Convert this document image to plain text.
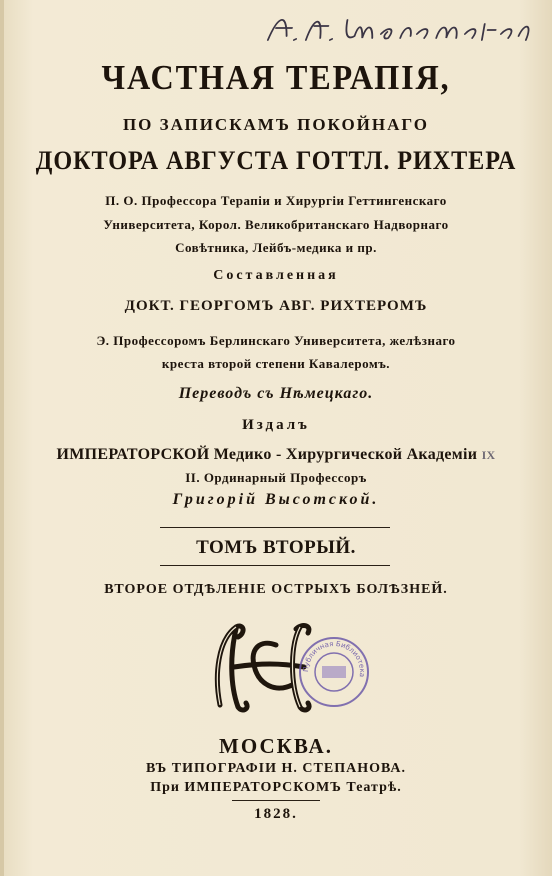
ЧАСТНАЯ ТЕРАПІЯ,
ПО ЗАПИСКАМЪ ПОКОЙНАГО
ДОКТОРА АВГУСТА ГОТТЛ. РИХТЕРА
П. О. Профессора Терапіи и Хирургіи Геттингенскаго
Университета, Корол. Великобританскаго Надворнаго
Совѣтника, Лейбъ-медика и пр.
Составленная
ДОКТ. ГЕОРГОМЪ АВГ. РИХТЕРОМЪ
Э. Профессоромъ Берлинскаго Университета, желѣзнаго
креста второй степени Кавалеромъ.
Переводъ съ Нѣмецкаго.
Издалъ
ИМПЕРАТОРСКОЙ Медико - Хирургической Академіи IX
II. Ординарный Профессоръ
Григорій Высотской.
ТОМЪ ВТОРЫЙ.
ВТОРОЕ ОТДѢЛЕНІЕ ОСТРЫХЪ БОЛѢЗНЕЙ.
Публичная Библиотека
МОСКВА.
ВЪ ТИПОГРАФІИ Н. СТЕПАНОВА.
При ИМПЕРАТОРСКОМЪ Театрѣ.
1828.
